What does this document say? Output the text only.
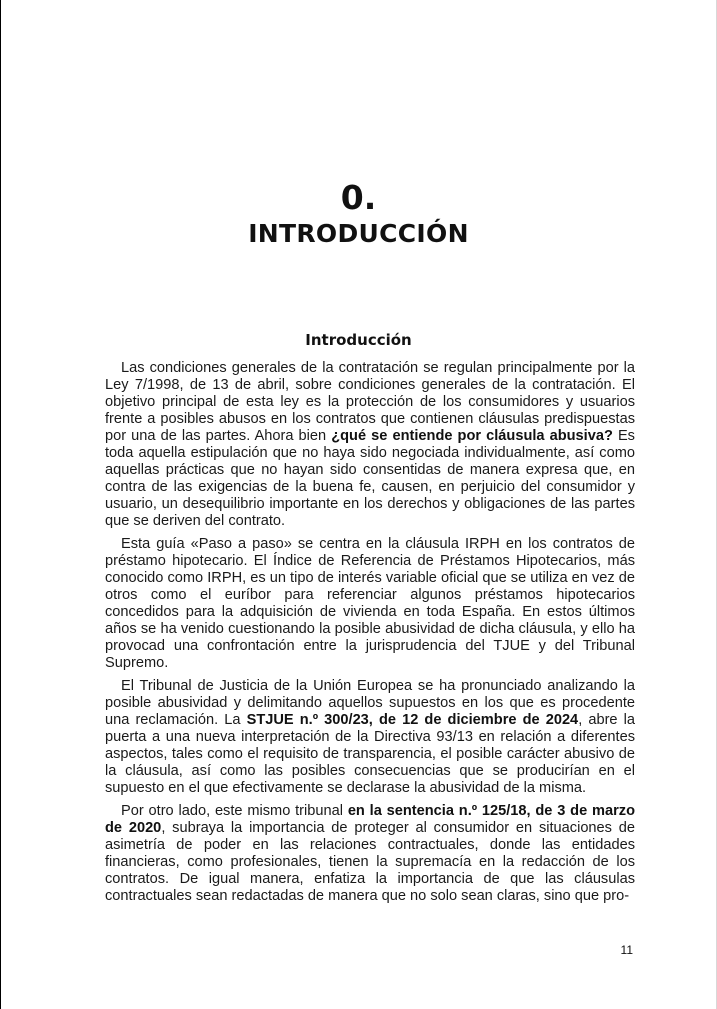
0.
INTRODUCCIÓN
Introducción

Las condiciones generales de la contratación se regulan principalmente por la Ley 7/1998, de 13 de abril, sobre condiciones generales de la contratación. El objetivo principal de esta ley es la protección de los consumidores y usuarios frente a posibles abusos en los contratos que contienen cláusulas predispuestas por una de las partes. Ahora bien ¿qué se entiende por cláusula abusiva? Es toda aquella estipulación que no haya sido negociada individualmente, así como aquellas prácticas que no hayan sido consentidas de manera expresa que, en contra de las exigencias de la buena fe, causen, en perjuicio del consumidor y usuario, un desequilibrio importante en los derechos y obligaciones de las partes que se deriven del contrato.

Esta guía «Paso a paso» se centra en la cláusula IRPH en los contratos de préstamo hipotecario. El Índice de Referencia de Préstamos Hipotecarios, más conocido como IRPH, es un tipo de interés variable oficial que se utiliza en vez de otros como el euríbor para referenciar algunos préstamos hipotecarios concedidos para la adquisición de vivienda en toda España. En estos últimos años se ha venido cuestionando la posible abusividad de dicha cláusula, y ello ha provocad una confrontación entre la jurisprudencia del TJUE y del Tribunal Supremo.

El Tribunal de Justicia de la Unión Europea se ha pronunciado analizando la posible abusividad y delimitando aquellos supuestos en los que es procedente una reclamación. La STJUE n.º 300/23, de 12 de diciembre de 2024, abre la puerta a una nueva interpretación de la Directiva 93/13 en relación a diferentes aspectos, tales como el requisito de transparencia, el posible carácter abusivo de la cláusula, así como las posibles consecuencias que se producirían en el supuesto en el que efectivamente se declarase la abusividad de la misma.

Por otro lado, este mismo tribunal en la sentencia n.º 125/18, de 3 de marzo de 2020, subraya la importancia de proteger al consumidor en situaciones de asimetría de poder en las relaciones contractuales, donde las entidades financieras, como profesionales, tienen la supremacía en la redacción de los contratos. De igual manera, enfatiza la importancia de que las cláusulas contractuales sean redactadas de manera que no solo sean claras, sino que pro-

11
